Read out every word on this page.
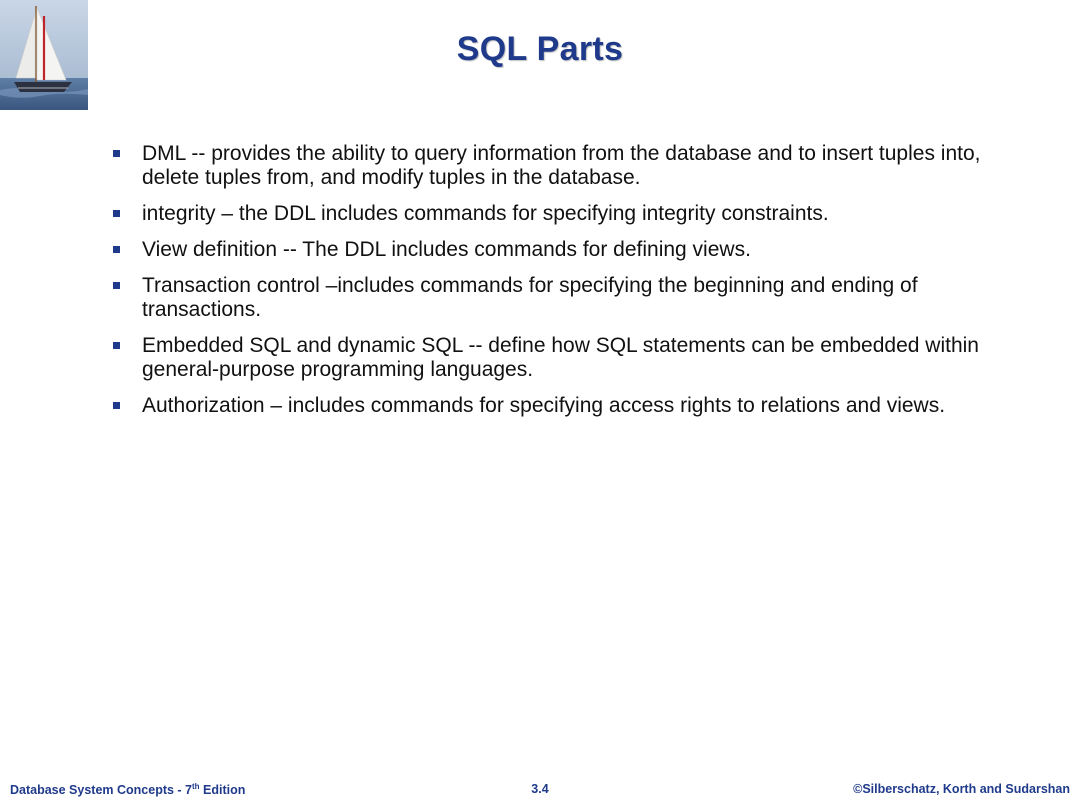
SQL Parts
DML -- provides the ability to query information from the database and to insert tuples into, delete tuples from, and modify tuples in the database.
integrity – the DDL includes commands for specifying integrity constraints.
View definition -- The DDL includes commands for defining views.
Transaction control –includes commands for specifying the beginning and ending of transactions.
Embedded SQL and dynamic SQL -- define how SQL statements can be embedded within general-purpose programming languages.
Authorization – includes commands for specifying access rights to relations and views.
Database System Concepts - 7th Edition	3.4	©Silberschatz, Korth and Sudarshan
